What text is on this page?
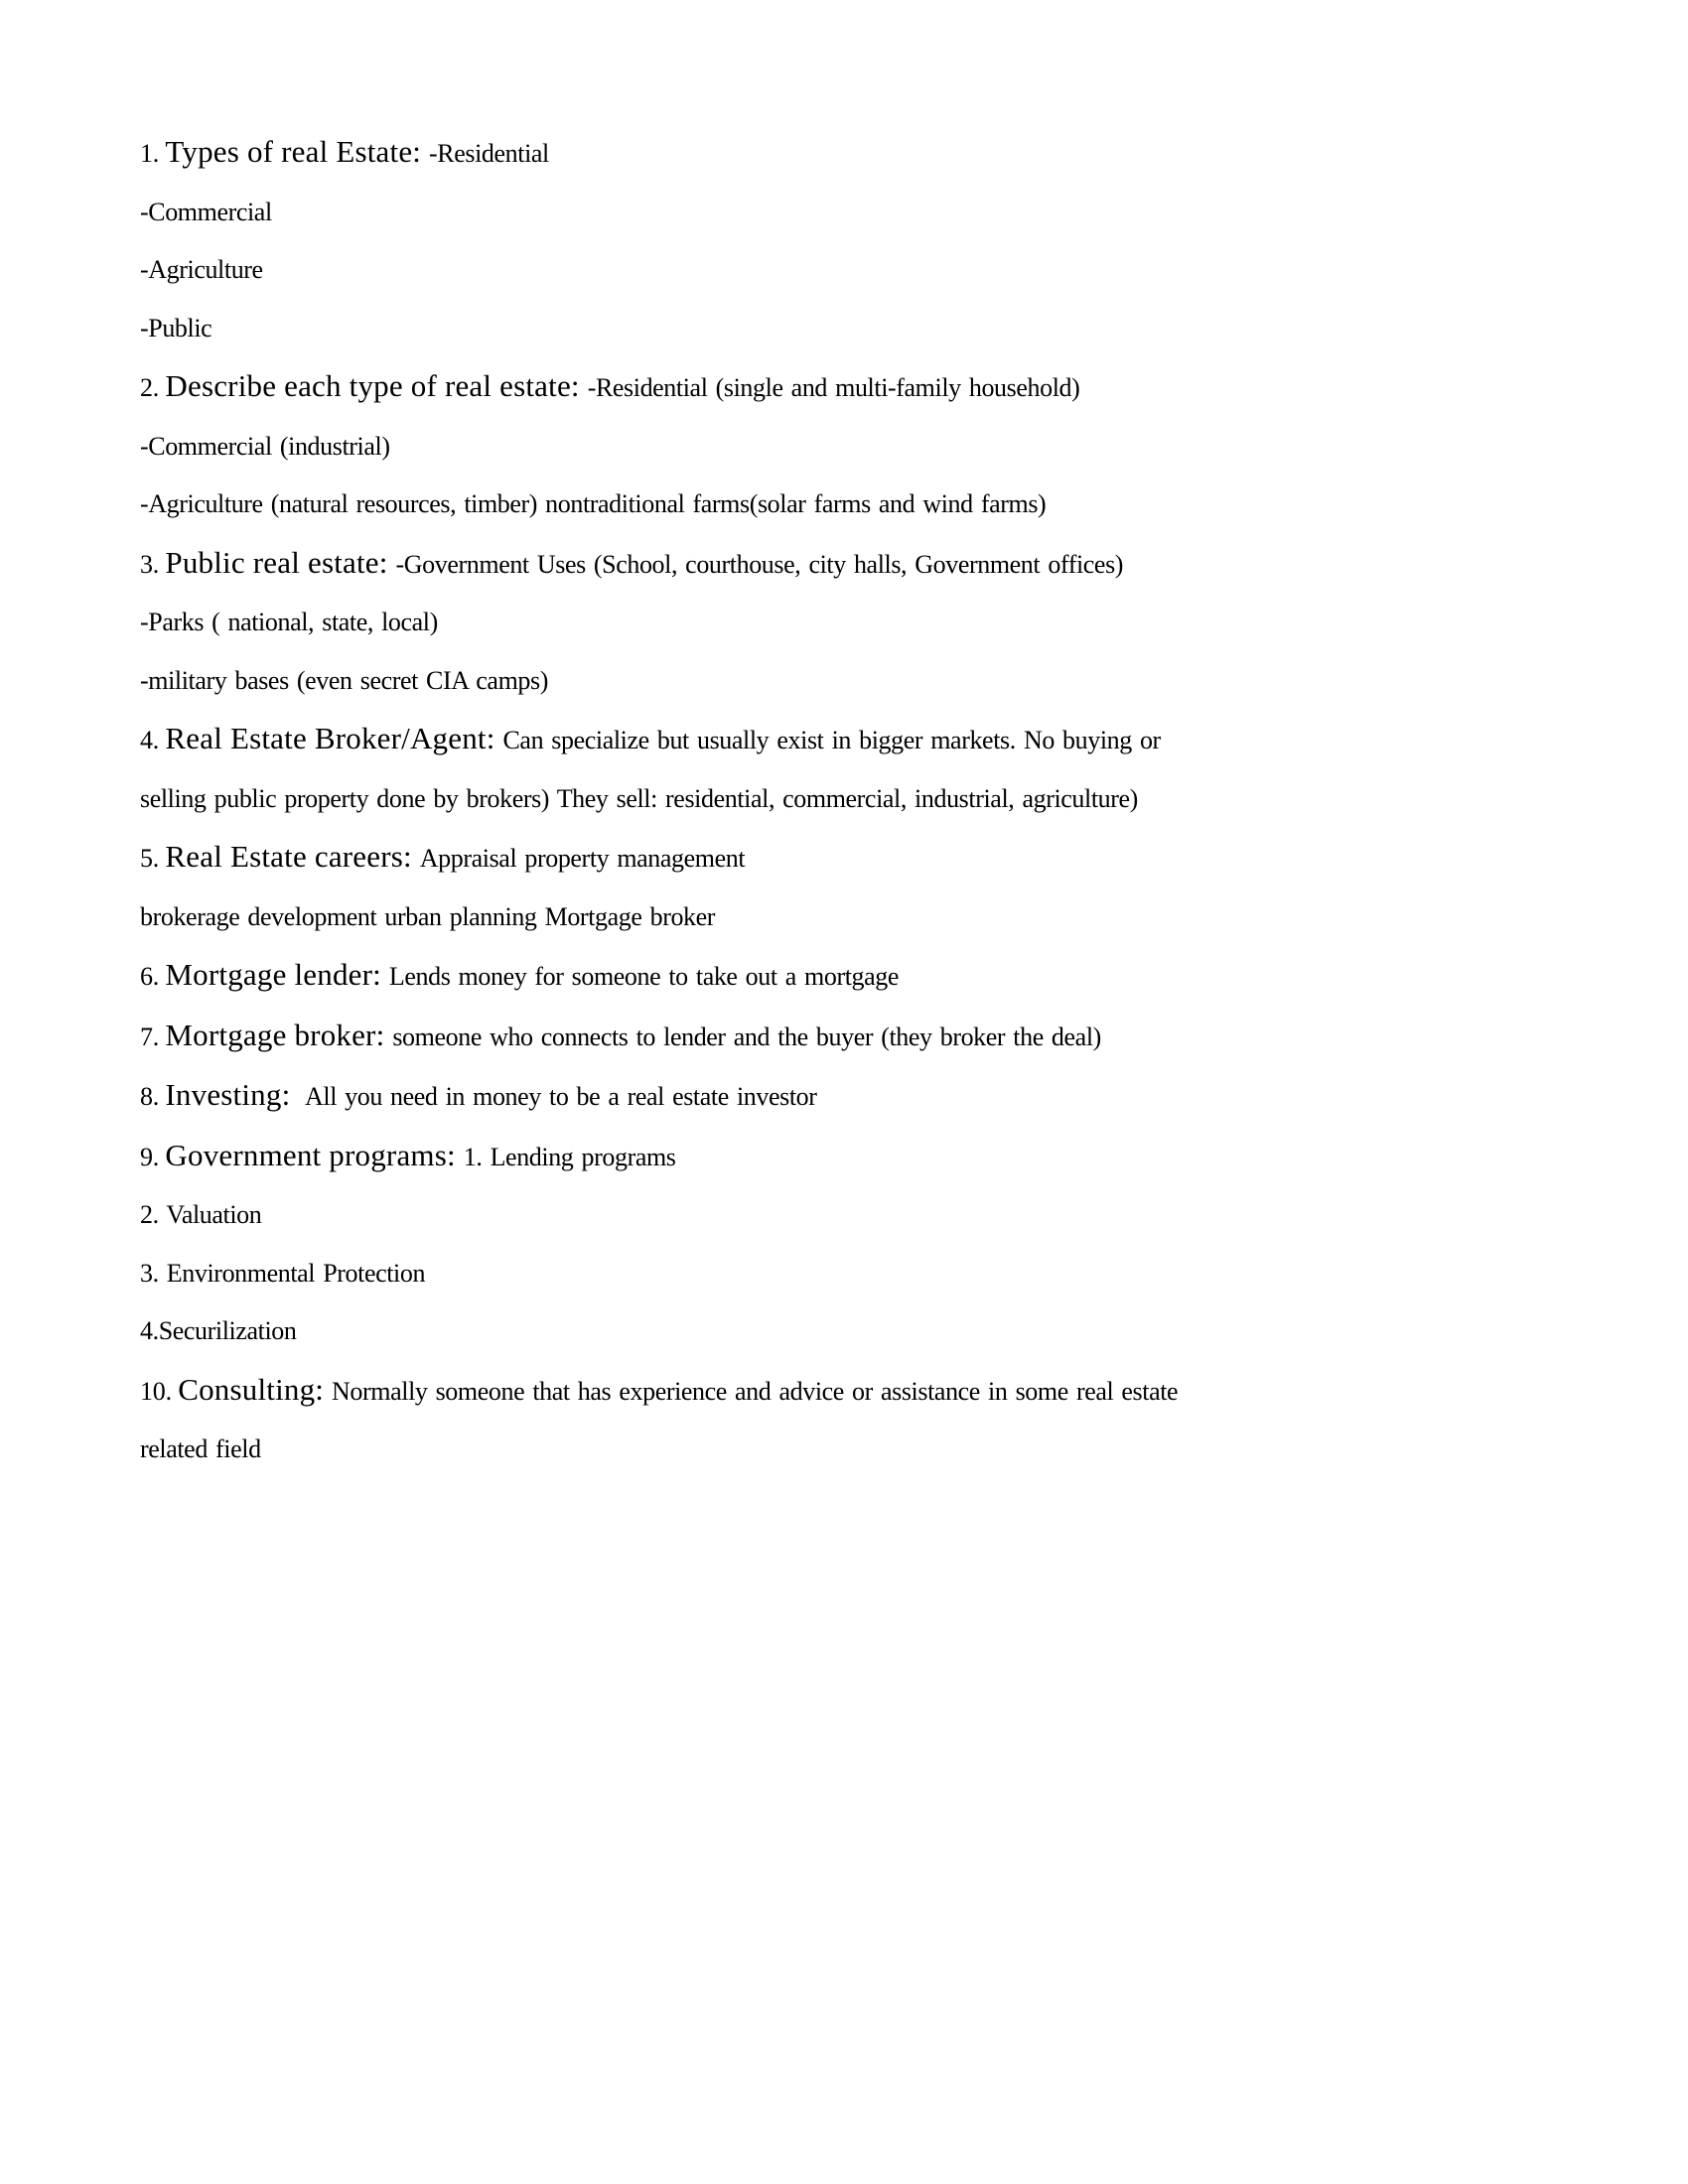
1. Types of real Estate: -Residential
-Commercial
-Agriculture
-Public
2. Describe each type of real estate: -Residential (single and multi-family household)
-Commercial (industrial)
-Agriculture (natural resources, timber) nontraditional farms(solar farms and wind farms)
3. Public real estate: -Government Uses (School, courthouse, city halls, Government offices)
-Parks ( national, state, local)
-military bases (even secret CIA camps)
4. Real Estate Broker/Agent: Can specialize but usually exist in bigger markets. No buying or
selling public property done by brokers) They sell: residential, commercial, industrial, agriculture)
5. Real Estate careers: Appraisal property management
brokerage development urban planning Mortgage broker
6. Mortgage lender: Lends money for someone to take out a mortgage
7. Mortgage broker: someone who connects to lender and the buyer (they broker the deal)
8. Investing:  All you need in money to be a real estate investor
9. Government programs: 1. Lending programs
2. Valuation
3. Environmental Protection
4.Securilization
10. Consulting: Normally someone that has experience and advice or assistance in some real estate
related field
